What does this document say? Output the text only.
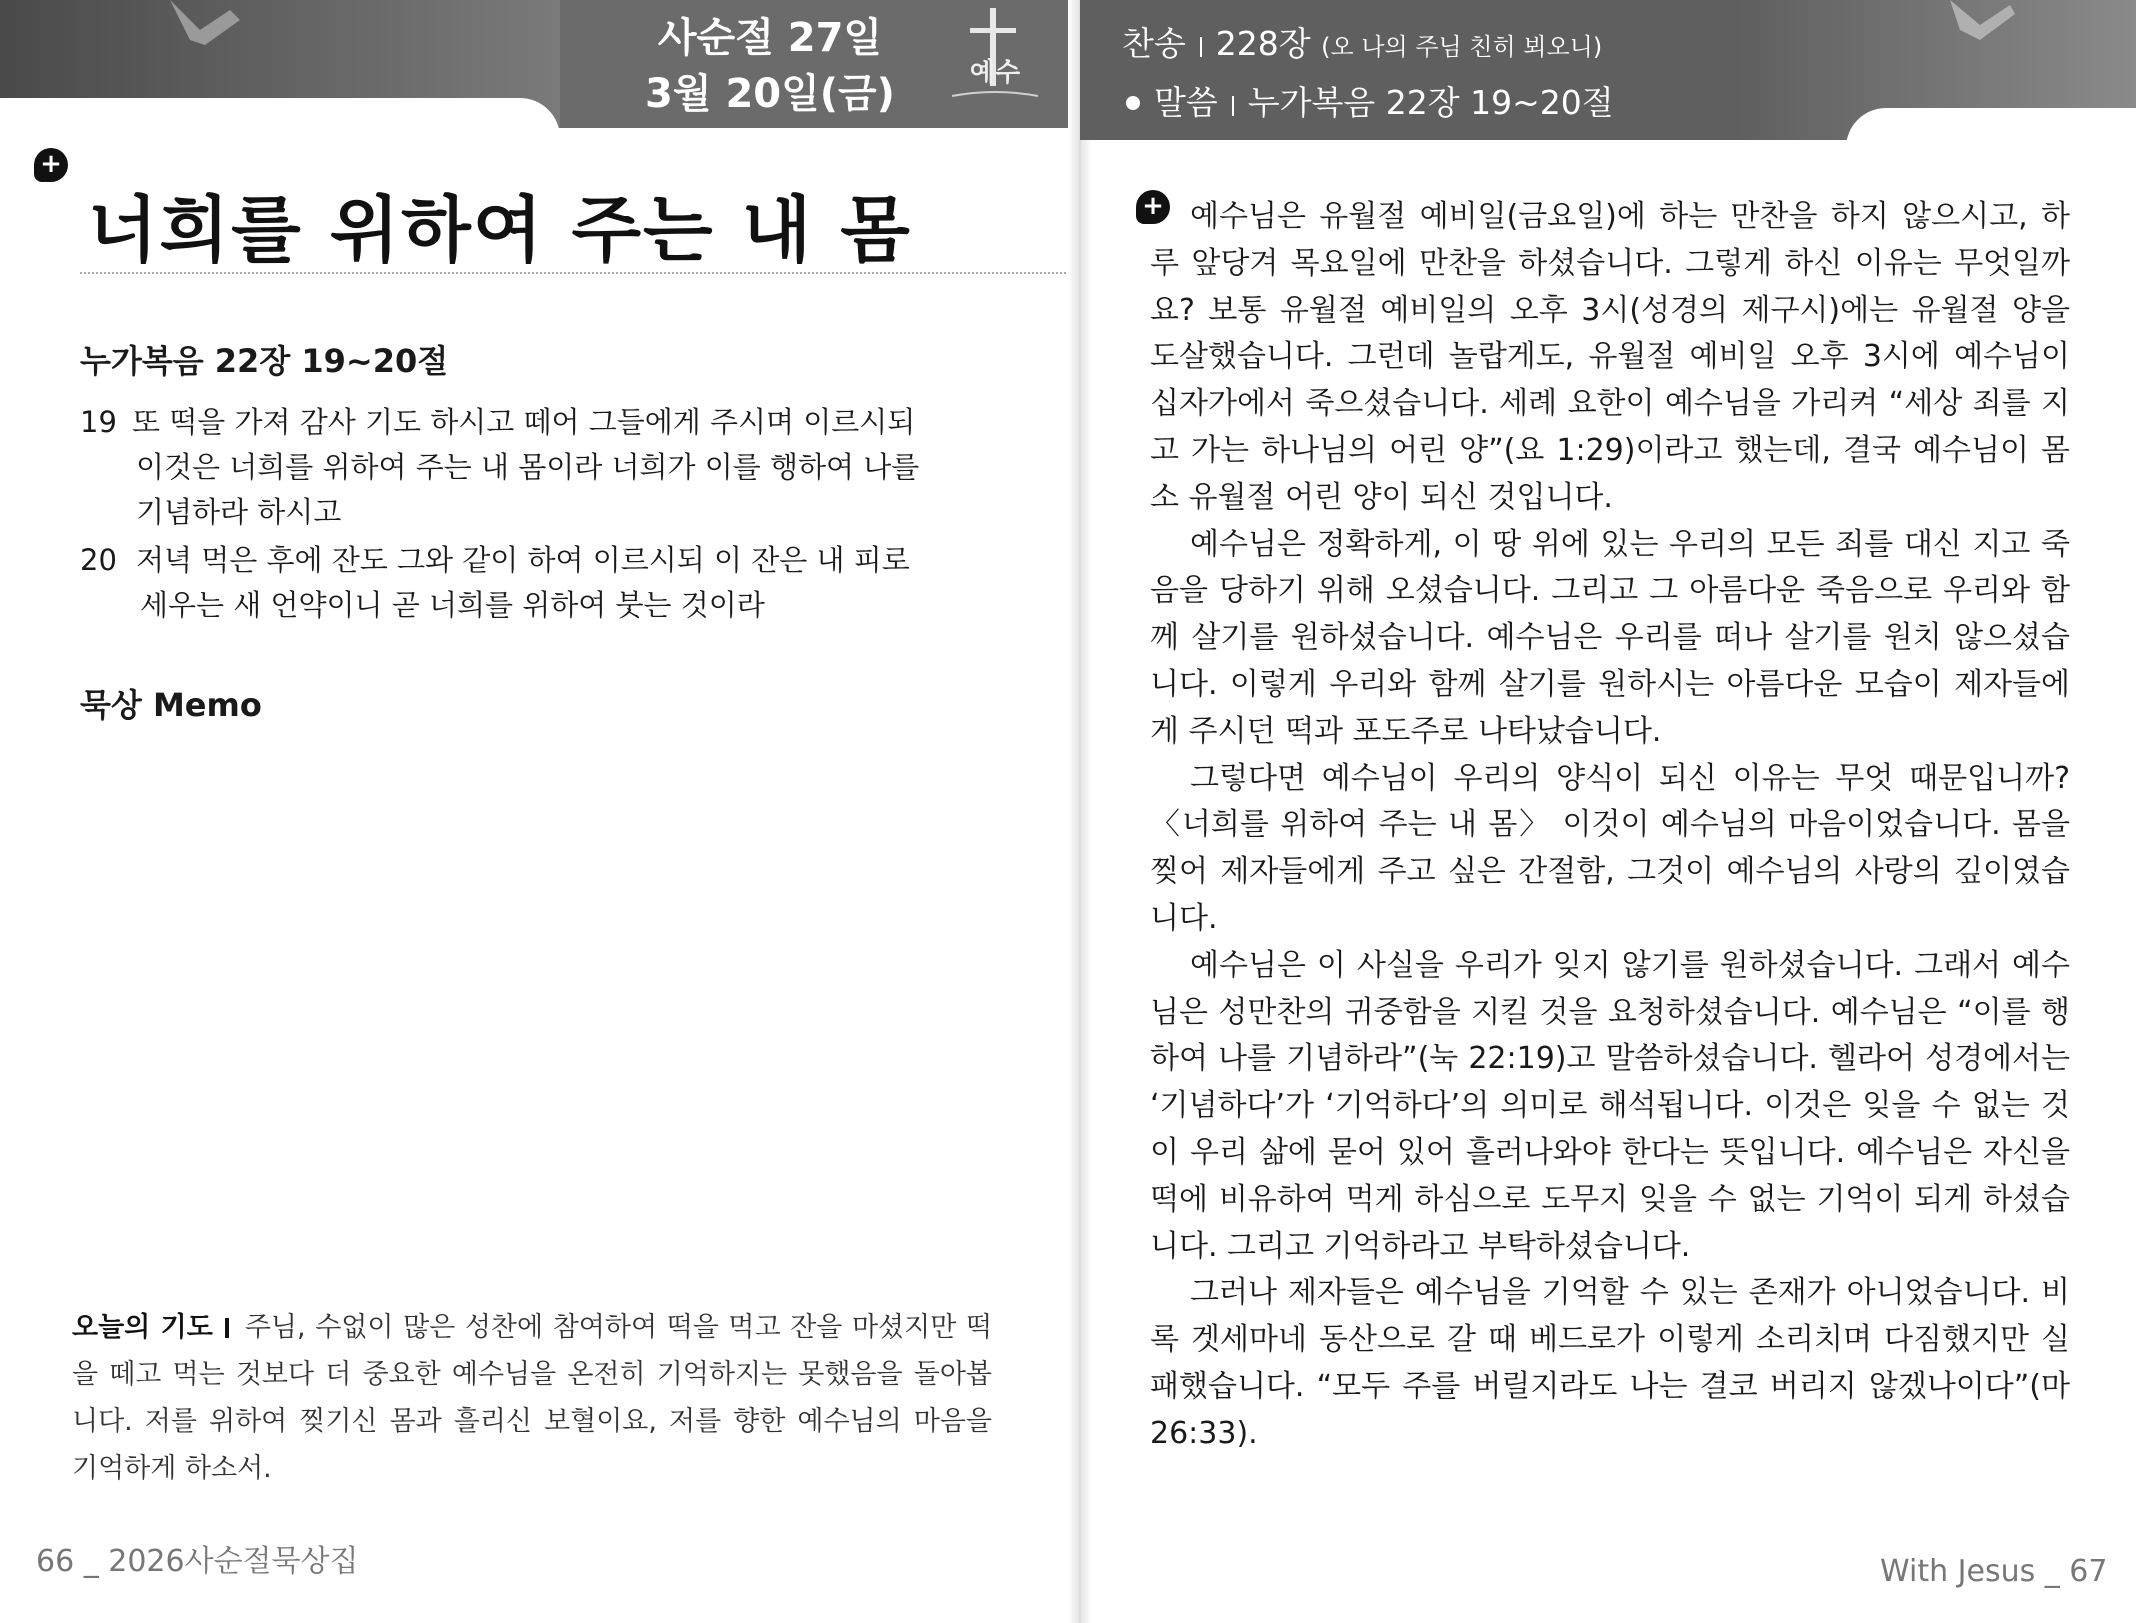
사순절 27일
3월 20일(금)	예수
+
너희를 위하여 주는 내 몸
누가복음 22장 19~20절
19 또 떡을 가져 감사 기도 하시고 떼어 그들에게 주시며 이르시되
이것은 너희를 위하여 주는 내 몸이라 너희가 이를 행하여 나를
기념하라 하시고
20 저녁 먹은 후에 잔도 그와 같이 하여 이르시되 이 잔은 내 피로
세우는 새 언약이니 곧 너희를 위하여 붓는 것이라
묵상 Memo
오늘의 기도 주님, 수없이 많은 성찬에 참여하여 떡을 먹고 잔을 마셨지만 떡을 떼고 먹는 것보다 더 중요한 예수님을 온전히 기억하지는 못했음을 돌아봅니다. 저를 위하여 찢기신 몸과 흘리신 보혈이요, 저를 향한 예수님의 마음을 기억하게 하소서.
66 _ 2026사순절묵상집
찬송 228장 (오 나의 주님 친히 뵈오니)
말씀 누가복음 22장 19~20절
+ 예수님은 유월절 예비일(금요일)에 하는 만찬을 하지 않으시고, 하루 앞당겨 목요일에 만찬을 하셨습니다. 그렇게 하신 이유는 무엇일까요? 보통 유월절 예비일의 오후 3시(성경의 제구시)에는 유월절 양을 도살했습니다. 그런데 놀랍게도, 유월절 예비일 오후 3시에 예수님이 십자가에서 죽으셨습니다. 세례 요한이 예수님을 가리켜 “세상 죄를 지고 가는 하나님의 어린 양”(요 1:29)이라고 했는데, 결국 예수님이 몸소 유월절 어린 양이 되신 것입니다.

예수님은 정확하게, 이 땅 위에 있는 우리의 모든 죄를 대신 지고 죽음을 당하기 위해 오셨습니다. 그리고 그 아름다운 죽음으로 우리와 함께 살기를 원하셨습니다. 예수님은 우리를 떠나 살기를 원치 않으셨습니다. 이렇게 우리와 함께 살기를 원하시는 아름다운 모습이 제자들에게 주시던 떡과 포도주로 나타났습니다.

그렇다면 예수님이 우리의 양식이 되신 이유는 무엇 때문입니까? 〈너희를 위하여 주는 내 몸〉 이것이 예수님의 마음이었습니다. 몸을 찢어 제자들에게 주고 싶은 간절함, 그것이 예수님의 사랑의 깊이였습니다.

예수님은 이 사실을 우리가 잊지 않기를 원하셨습니다. 그래서 예수님은 성만찬의 귀중함을 지킬 것을 요청하셨습니다. 예수님은 “이를 행하여 나를 기념하라”(눅 22:19)고 말씀하셨습니다. 헬라어 성경에서는 ‘기념하다’가 ‘기억하다’의 의미로 해석됩니다. 이것은 잊을 수 없는 것이 우리 삶에 묻어 있어 흘러나와야 한다는 뜻입니다. 예수님은 자신을 떡에 비유하여 먹게 하심으로 도무지 잊을 수 없는 기억이 되게 하셨습니다. 그리고 기억하라고 부탁하셨습니다.

그러나 제자들은 예수님을 기억할 수 있는 존재가 아니었습니다. 비록 겟세마네 동산으로 갈 때 베드로가 이렇게 소리치며 다짐했지만 실패했습니다. “모두 주를 버릴지라도 나는 결코 버리지 않겠나이다”(마 26:33).

With Jesus _ 67
